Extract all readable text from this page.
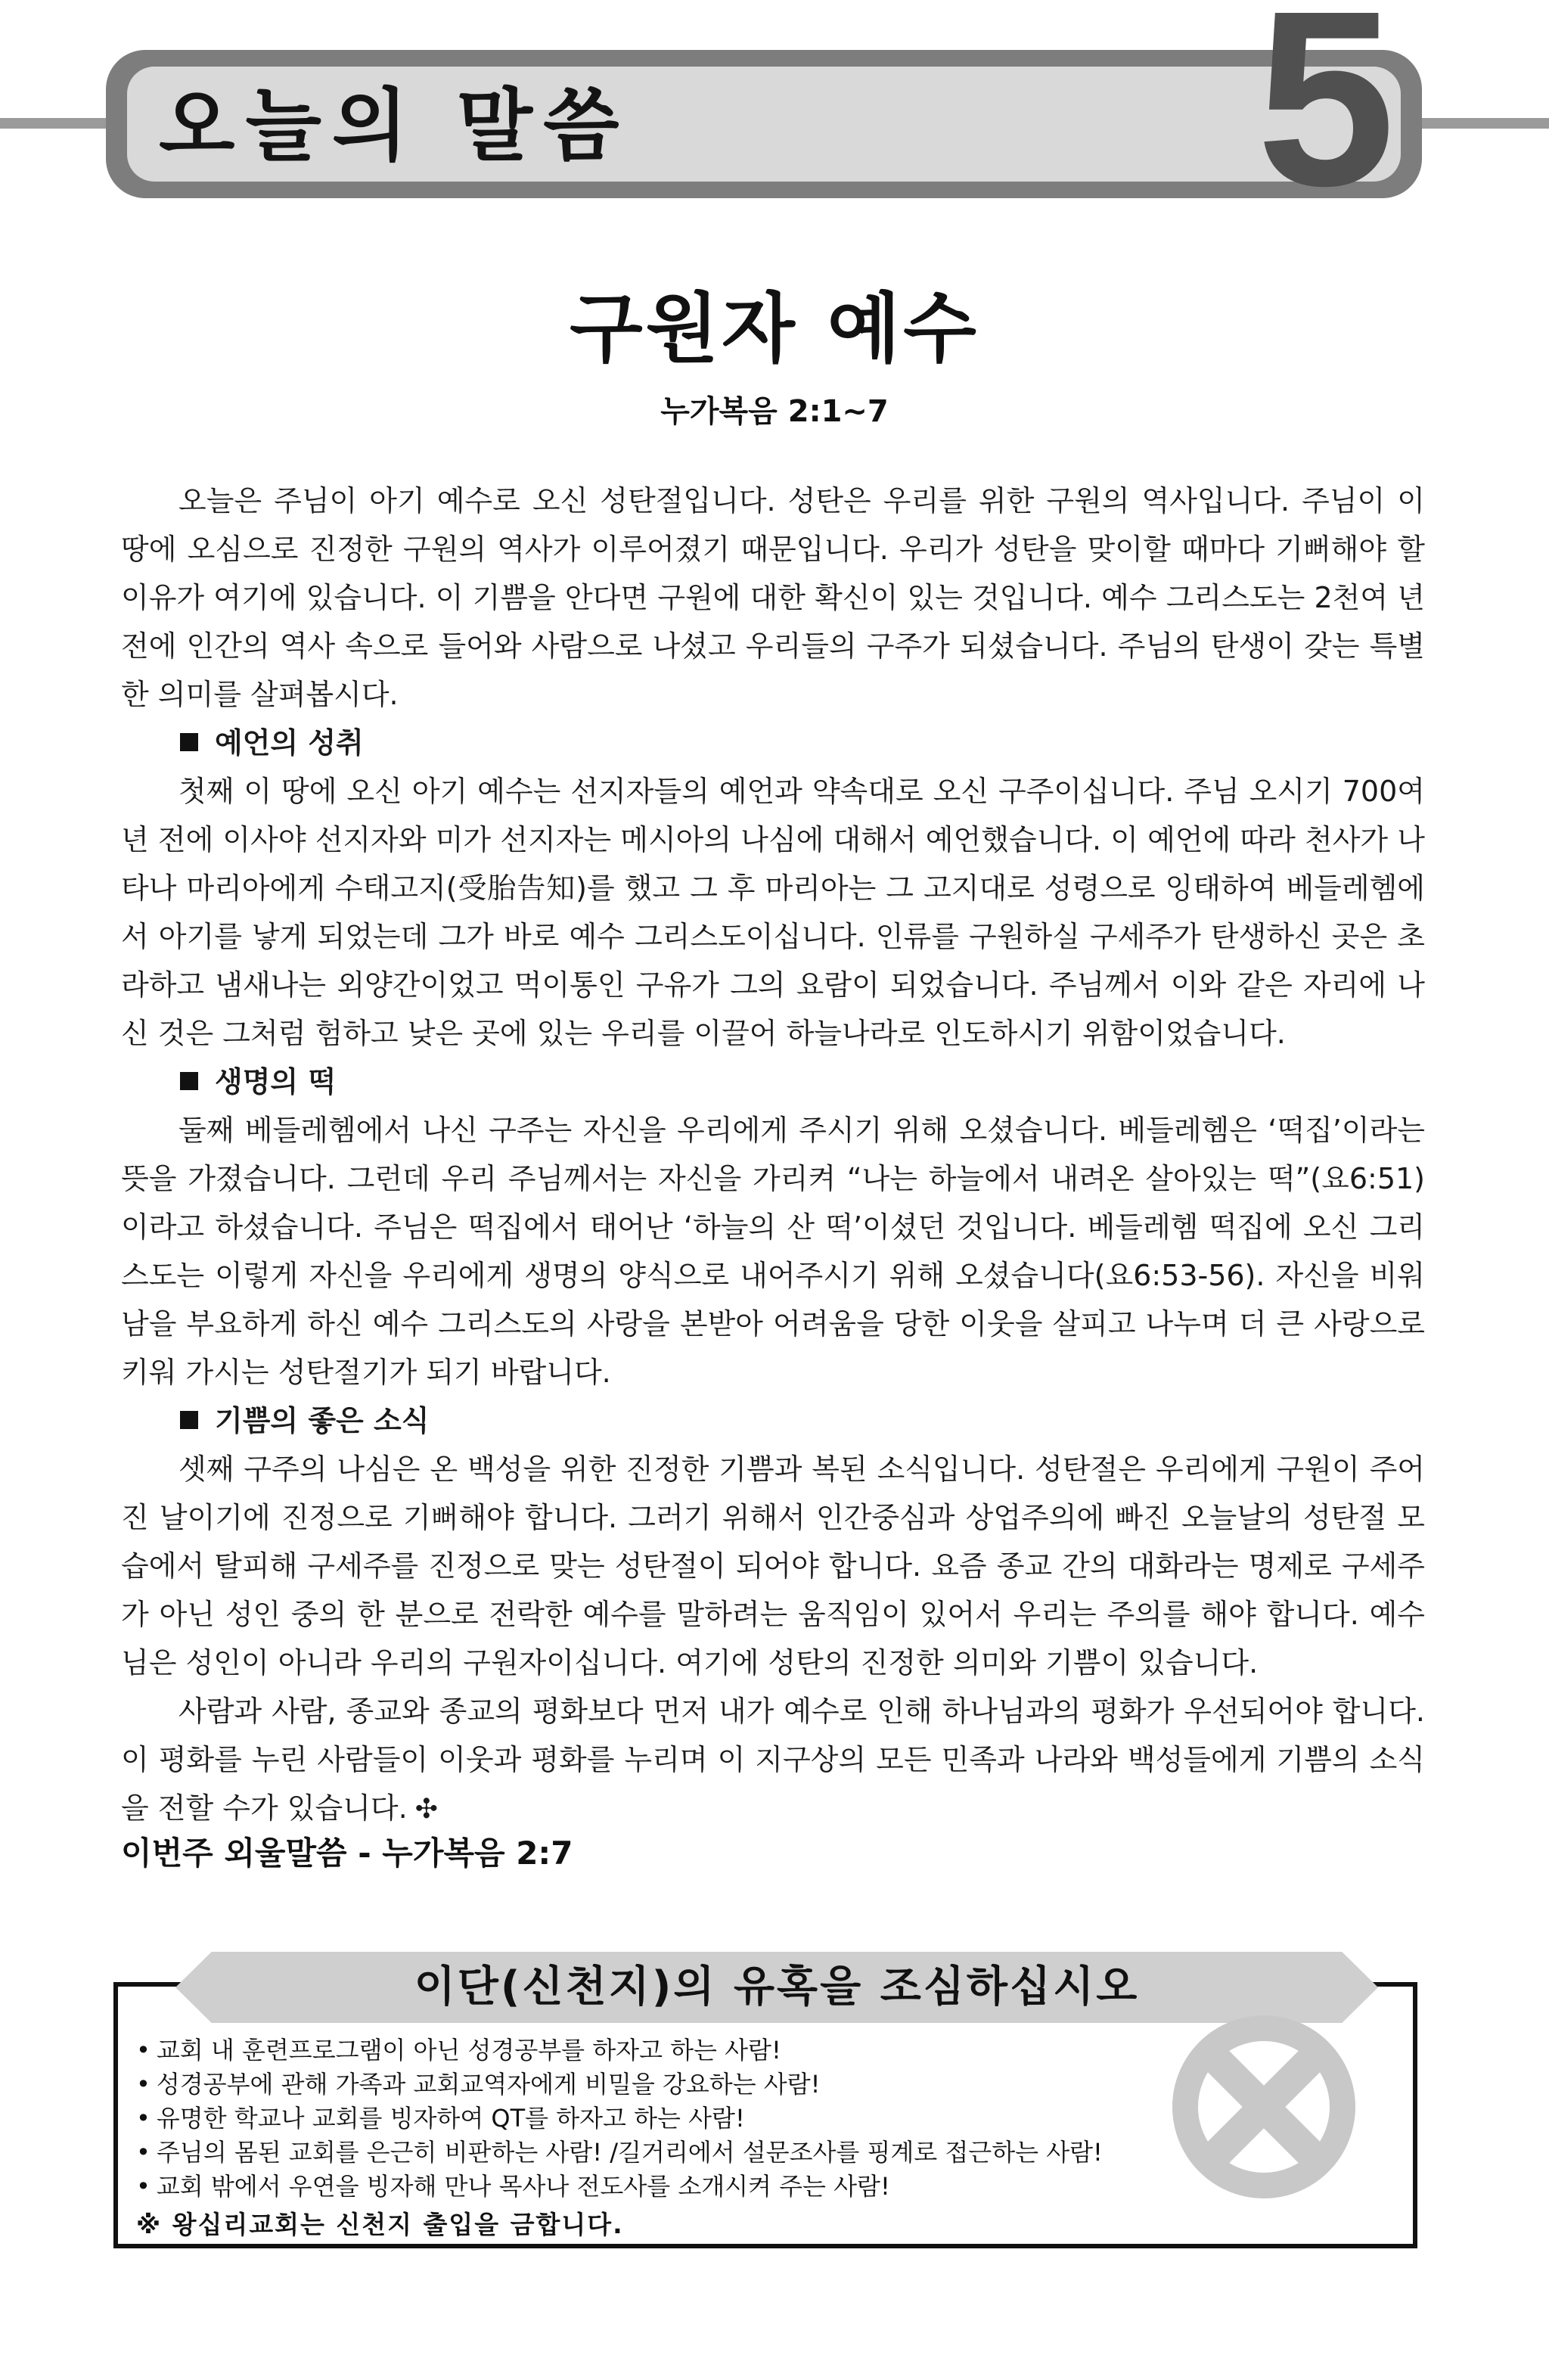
오늘의 말씀	5
구원자 예수
누가복음 2:1~7

오늘은 주님이 아기 예수로 오신 성탄절입니다. 성탄은 우리를 위한 구원의 역사입니다. 주님이 이 땅에 오심으로 진정한 구원의 역사가 이루어졌기 때문입니다. 우리가 성탄을 맞이할 때마다 기뻐해야 할 이유가 여기에 있습니다. 이 기쁨을 안다면 구원에 대한 확신이 있는 것입니다. 예수 그리스도는 2천여 년 전에 인간의 역사 속으로 들어와 사람으로 나셨고 우리들의 구주가 되셨습니다. 주님의 탄생이 갖는 특별한 의미를 살펴봅시다.

예언의 성취

첫째 이 땅에 오신 아기 예수는 선지자들의 예언과 약속대로 오신 구주이십니다. 주님 오시기 700여 년 전에 이사야 선지자와 미가 선지자는 메시아의 나심에 대해서 예언했습니다. 이 예언에 따라 천사가 나타나 마리아에게 수태고지(受胎告知)를 했고 그 후 마리아는 그 고지대로 성령으로 잉태하여 베들레헴에서 아기를 낳게 되었는데 그가 바로 예수 그리스도이십니다. 인류를 구원하실 구세주가 탄생하신 곳은 초라하고 냄새나는 외양간이었고 먹이통인 구유가 그의 요람이 되었습니다. 주님께서 이와 같은 자리에 나신 것은 그처럼 험하고 낮은 곳에 있는 우리를 이끌어 하늘나라로 인도하시기 위함이었습니다.

생명의 떡

둘째 베들레헴에서 나신 구주는 자신을 우리에게 주시기 위해 오셨습니다. 베들레헴은 ‘떡집’이라는 뜻을 가졌습니다. 그런데 우리 주님께서는 자신을 가리켜 “나는 하늘에서 내려온 살아있는 떡”(요6:51)이라고 하셨습니다. 주님은 떡집에서 태어난 ‘하늘의 산 떡’이셨던 것입니다. 베들레헴 떡집에 오신 그리스도는 이렇게 자신을 우리에게 생명의 양식으로 내어주시기 위해 오셨습니다(요6:53-56). 자신을 비워 남을 부요하게 하신 예수 그리스도의 사랑을 본받아 어려움을 당한 이웃을 살피고 나누며 더 큰 사랑으로 키워 가시는 성탄절기가 되기 바랍니다.

기쁨의 좋은 소식

셋째 구주의 나심은 온 백성을 위한 진정한 기쁨과 복된 소식입니다. 성탄절은 우리에게 구원이 주어진 날이기에 진정으로 기뻐해야 합니다. 그러기 위해서 인간중심과 상업주의에 빠진 오늘날의 성탄절 모습에서 탈피해 구세주를 진정으로 맞는 성탄절이 되어야 합니다. 요즘 종교 간의 대화라는 명제로 구세주가 아닌 성인 중의 한 분으로 전락한 예수를 말하려는 움직임이 있어서 우리는 주의를 해야 합니다. 예수님은 성인이 아니라 우리의 구원자이십니다. 여기에 성탄의 진정한 의미와 기쁨이 있습니다.

사람과 사람, 종교와 종교의 평화보다 먼저 내가 예수로 인해 하나님과의 평화가 우선되어야 합니다. 이 평화를 누린 사람들이 이웃과 평화를 누리며 이 지구상의 모든 민족과 나라와 백성들에게 기쁨의 소식을 전할 수가 있습니다. ✣

이번주 외울말씀 - 누가복음 2:7
이단(신천지)의 유혹을 조심하십시오
• 교회 내 훈련프로그램이 아닌 성경공부를 하자고 하는 사람!
• 성경공부에 관해 가족과 교회교역자에게 비밀을 강요하는 사람!
• 유명한 학교나 교회를 빙자하여 QT를 하자고 하는 사람!
• 주님의 몸된 교회를 은근히 비판하는 사람! /길거리에서 설문조사를 핑계로 접근하는 사람!
• 교회 밖에서 우연을 빙자해 만나 목사나 전도사를 소개시켜 주는 사람!
※ 왕십리교회는 신천지 출입을 금합니다.
